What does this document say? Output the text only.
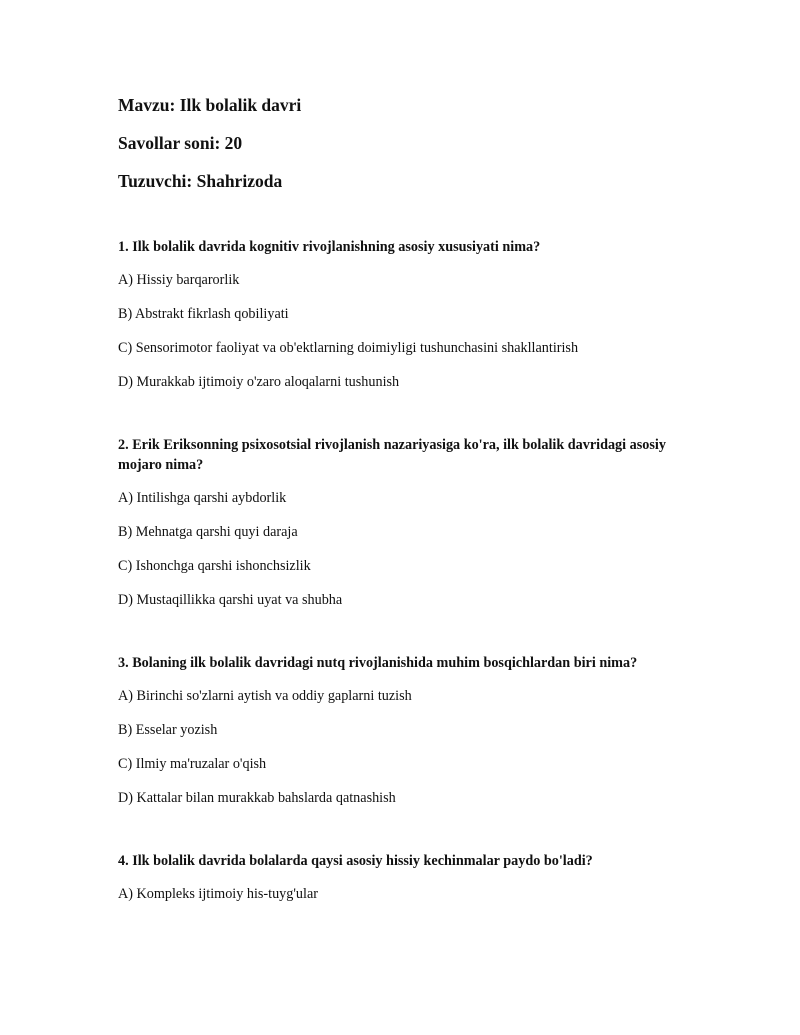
Mavzu: Ilk bolalik davri

Savollar soni: 20

Tuzuvchi: Shahrizoda

1. Ilk bolalik davrida kognitiv rivojlanishning asosiy xususiyati nima?

A) Hissiy barqarorlik

B) Abstrakt fikrlash qobiliyati

C) Sensorimotor faoliyat va ob'ektlarning doimiyligi tushunchasini shakllantirish

D) Murakkab ijtimoiy o'zaro aloqalarni tushunish

2. Erik Eriksonning psixosotsial rivojlanish nazariyasiga ko'ra, ilk bolalik davridagi asosiy mojaro nima?

A) Intilishga qarshi aybdorlik

B) Mehnatga qarshi quyi daraja

C) Ishonchga qarshi ishonchsizlik

D) Mustaqillikka qarshi uyat va shubha

3. Bolaning ilk bolalik davridagi nutq rivojlanishida muhim bosqichlardan biri nima?

A) Birinchi so'zlarni aytish va oddiy gaplarni tuzish

B) Esselar yozish

C) Ilmiy ma'ruzalar o'qish

D) Kattalar bilan murakkab bahslarda qatnashish

4. Ilk bolalik davrida bolalarda qaysi asosiy hissiy kechinmalar paydo bo'ladi?

A) Kompleks ijtimoiy his-tuyg'ular
